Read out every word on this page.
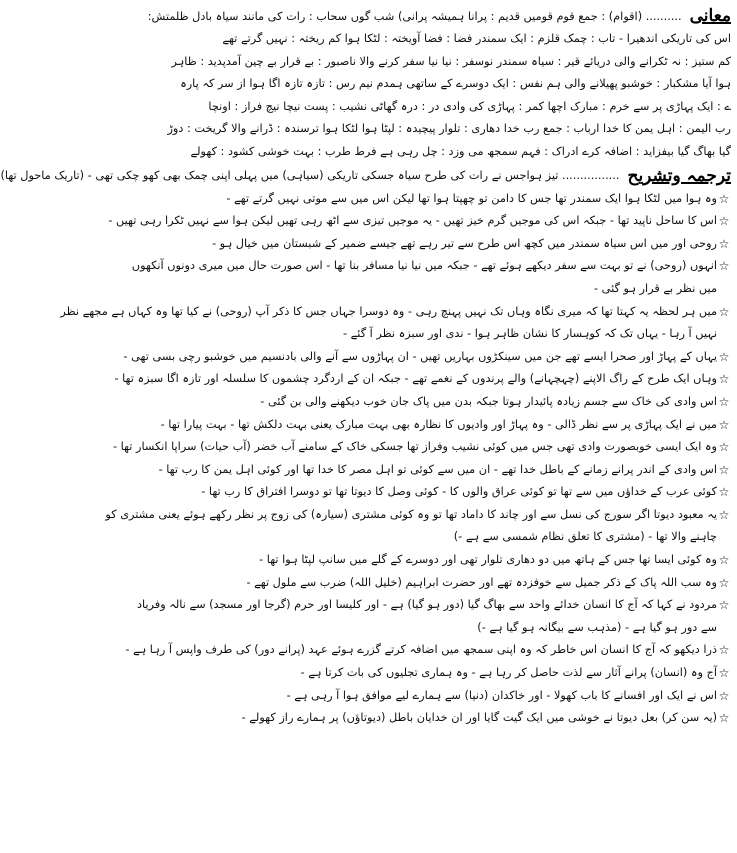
معانی
.......... (اقوام) : جمع قوم قومیں قدیم : پرانا ہمیشہ پرانی) شب گوں سحاب : رات کی مانند سیاہ بادل ظلمتش:
اس کی تاریکی اندھیرا - تاب : چمک قلزم : ایک سمندر فضا : فضا آویختہ : لٹکا ہوا کم ریختہ : نہیں گرتے تھے
کم ستیز : نہ ٹکرانے والی دریائے قیر : سیاہ سمندر نوسفر : نیا نیا سفر کرنے والا ناصبور : بے قرار بے چین آمدپدید : ظاہر
ہوا آیا مشکبار : خوشبو پھیلانے والی ہم نفس : ایک دوسرے کے ساتھی ہمدم نیم رس : تازہ تازہ اگا ہوا از سر کہ پارہ
ے : ایک پہاڑی پر سے خرم : مبارک اچھا کمر : پہاڑی کی وادی در : درہ گھاٹی نشیب : پست نیچا نیچ فراز : اونچا
رب الیمن : اہل یمن کا خدا ارباب : جمع رب خدا دھاری : تلوار پیچیدہ : لپٹا ہوا لٹکا ہوا ترسندہ : ڈرانے والا گریخت : دوڑ
گیا بھاگ گیا بیفزاید : اضافہ کرے ادراک : فہم سمجھ می وزد : چل رہی ہے فرط طرب : بہت خوشی کشود : کھولے
ترجمہ وتشریح
................ تیز ہواجس نے رات کی طرح سیاہ جسکی تاریکی (سیاہی) میں پہلی اپنی چمک بھی کھو چکی تھی - (تاریک ماحول تھا)
☆
وہ ہوا میں لٹکا ہوا ایک سمندر تھا جس کا دامن تو چھپتا ہوا تھا لیکن اس میں سے موتی نہیں گرتے تھے -
☆
اس کا ساحل ناپید تھا - جبکہ اس کی موجیں گرم خیز تھیں - یہ موجیں تیزی سے اٹھ رہی تھیں لیکن ہوا سے نہیں ٹکرا رہی تھیں -
☆
روحی اور میں اس سیاہ سمندر میں کچھ اس طرح سے تیر رہے تھے جیسے ضمیر کے شبستان میں خیال ہو -
☆
انہوں (روحی) نے تو بہت سے سفر دیکھے ہوئے تھے - جبکہ میں نیا نیا مسافر بنا تھا - اس صورت حال میں میری دونوں آنکھوں
میں نظر بے قرار ہو گئی -
☆
میں ہر لحظہ یہ کہتا تھا کہ میری نگاہ وہاں تک نہیں پہنچ رہی - وہ دوسرا جہاں جس کا ذکر آپ (روحی) نے کیا تھا وہ کہاں ہے مجھے نظر
نہیں آ رہا - یہاں تک کہ کوہسار کا نشان ظاہر ہوا - ندی اور سبزہ نظر آ گئے -
☆
یہاں کے پہاڑ اور صحرا ایسے تھے جن میں سینکڑوں بہاریں تھیں - ان پہاڑوں سے آنے والی بادنسیم میں خوشبو رچی بسی تھی -
☆
وہاں ایک طرح کے راگ الاپنے (چہچہانے) والے پرندوں کے نغمے تھے - جبکہ ان کے اردگرد چشموں کا سلسلہ اور تازہ اگا سبزہ تھا -
☆
اس وادی کی خاک سے جسم زیادہ پائیدار ہوتا جبکہ بدن میں پاک جان خوب دیکھنے والی بن گئی -
☆
میں نے ایک پہاڑی پر سے نظر ڈالی - وہ پہاڑ اور وادیوں کا نظارہ بھی بہت مبارک یعنی بہت دلکش تھا - بہت پیارا تھا -
☆
وہ ایک ایسی خوبصورت وادی تھی جس میں کوئی نشیب وفراز تھا جسکی خاک کے سامنے آب خضر (آب حیات) سراپا انکسار تھا -
☆
اس وادی کے اندر پرانے زمانے کے باطل خدا تھے - ان میں سے کوئی تو اہل مصر کا خدا تھا اور کوئی اہل یمن کا رب تھا -
☆
کوئی عرب کے خداؤں میں سے تھا تو کوئی عراق والوں کا - کوئی وصل کا دیوتا تھا تو دوسرا افتراق کا رب تھا -
☆
یہ معبود دیوتا اگر سورج کی نسل سے اور چاند کا داماد تھا تو وہ کوئی مشتری (سیارہ) کی زوج پر نظر رکھے ہوئے یعنی مشتری کو
چاہنے والا تھا - (مشتری کا تعلق نظام شمسی سے ہے -)
☆
وہ کوئی ایسا تھا جس کے ہاتھ میں دو دھاری تلوار تھی اور دوسرے کے گلے میں سانپ لپٹا ہوا تھا -
☆
وہ سب اللہ پاک کے ذکر جمیل سے خوفزدہ تھے اور حضرت ابراہیم (خلیل اللہ) ضرب سے ملول تھے -
☆
مردود نے کہا کہ آج کا انسان خدائے واحد سے بھاگ گیا (دور ہو گیا) ہے - اور کلیسا اور حرم (گرجا اور مسجد) سے نالہ وفریاد
سے دور ہو گیا ہے - (مذہب سے بیگانہ ہو گیا ہے -)
☆
ذرا دیکھو کہ آج کا انسان اس خاطر کہ وہ اپنی سمجھ میں اضافہ کرتے گزرے ہوئے عہد (پرانے دور) کی طرف واپس آ رہا ہے -
☆
آج وہ (انسان) پرانے آثار سے لذت حاصل کر رہا ہے - وہ ہماری تجلیوں کی بات کرتا ہے -
☆
اس نے ایک اور افسانے کا باب کھولا - اور خاکدان (دنیا) سے ہمارے لیے موافق ہوا آ رہی ہے -
☆
(یہ سن کر) بعل دیوتا نے خوشی میں ایک گیت گایا اور ان خدایان باطل (دیوتاؤں) پر ہمارے راز کھولے -
